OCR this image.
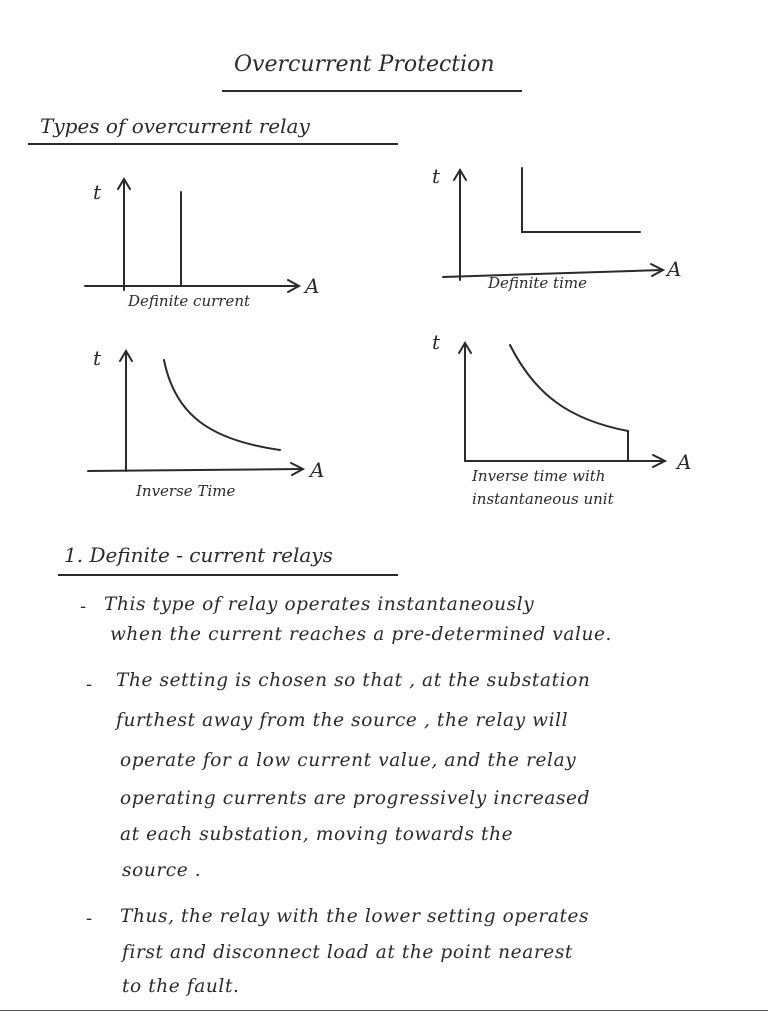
Overcurrent Protection
Types of overcurrent relay
t
A
Definite current
t
A
Definite time
t
A
Inverse Time
t
A
Inverse time with
instantaneous unit
1. Definite - current relays
- This type of relay operates instantaneously
when the current reaches a pre-determined value.
- The setting is chosen so that , at the substation
furthest away from the source , the relay will
operate for a low current value, and the relay
operating currents are progressively increased
at each substation, moving towards the
source .
- Thus, the relay with the lower setting operates
first and disconnect load at the point nearest
to the fault.
